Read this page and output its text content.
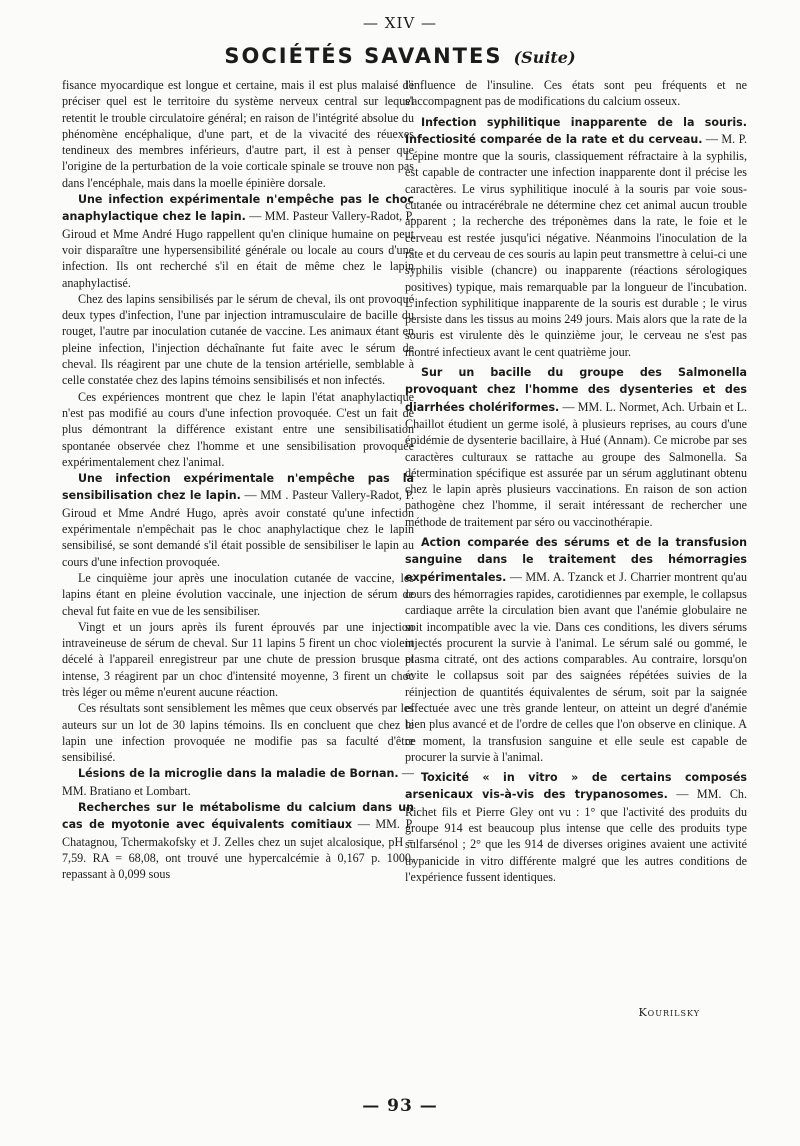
— XIV —
SOCIÉTÉS SAVANTES (Suite)

fisance myocardique est longue et certaine, mais il est plus malaisé de préciser quel est le territoire du système nerveux central sur lequel retentit le trouble circulatoire général; en raison de l'intégrité absolue du phénomène encéphalique, d'une part, et de la vivacité des réuexes tendineux des membres inférieurs, d'autre part, il est à penser que l'origine de la perturbation de la voie corticale spinale se trouve non pas dans l'encéphale, mais dans la moelle épinière dorsale.

Une infection expérimentale n'empêche pas le choc anaphylactique chez le lapin. — MM. Pasteur Vallery-Radot, P. Giroud et Mme André Hugo rappellent qu'en clinique humaine on peut voir disparaître une hypersensibilité générale ou locale au cours d'une infection. Ils ont recherché s'il en était de même chez le lapin anaphylactisé.

Chez des lapins sensibilisés par le sérum de cheval, ils ont provoqué deux types d'infection, l'une par injection intramusculaire de bacille du rouget, l'autre par inoculation cutanée de vaccine. Les animaux étant en pleine infection, l'injection déchaînante fut faite avec le sérum de cheval. Ils réagirent par une chute de la tension artérielle, semblable à celle constatée chez des lapins témoins sensibilisés et non infectés.

Ces expériences montrent que chez le lapin l'état anaphylactique n'est pas modifié au cours d'une infection provoquée. C'est un fait de plus démontrant la différence existant entre une sensibilisation spontanée observée chez l'homme et une sensibilisation provoquée expérimentalement chez l'animal.

Une infection expérimentale n'empêche pas la sensibilisation chez le lapin. — MM . Pasteur Vallery-Radot, P. Giroud et Mme André Hugo, après avoir constaté qu'une infection expérimentale n'empêchait pas le choc anaphylactique chez le lapin sensibilisé, se sont demandé s'il était possible de sensibiliser le lapin au cours d'une infection provoquée.

Le cinquième jour après une inoculation cutanée de vaccine, les lapins étant en pleine évolution vaccinale, une injection de sérum de cheval fut faite en vue de les sensibiliser.

Vingt et un jours après ils furent éprouvés par une injection intraveineuse de sérum de cheval. Sur 11 lapins 5 firent un choc violent décelé à l'appareil enregistreur par une chute de pression brusque et intense, 3 réagirent par un choc d'intensité moyenne, 3 firent un choc très léger ou même n'eurent aucune réaction.

Ces résultats sont sensiblement les mêmes que ceux observés par les auteurs sur un lot de 30 lapins témoins. Ils en concluent que chez le lapin une infection provoquée ne modifie pas sa faculté d'être sensibilisé.

Lésions de la microglie dans la maladie de Bornan. — MM. Bratiano et Lombart.

Recherches sur le métabolisme du calcium dans un cas de myotonie avec équivalents comitiaux — MM. P. Chatagnou, Tchermakofsky et J. Zelles chez un sujet alcalosique, pH = 7,59. RA = 68,08, ont trouvé une hypercalcémie à 0,167 p. 1000, repassant à 0,099 sous

l'influence de l'insuline. Ces états sont peu fréquents et ne s'accompagnent pas de modifications du calcium osseux.

Infection syphilitique inapparente de la souris. Infectiosité comparée de la rate et du cerveau. — M. P. Lépine montre que la souris, classiquement réfractaire à la syphilis, est capable de contracter une infection inapparente dont il précise les caractères. Le virus syphilitique inoculé à la souris par voie sous-cutanée ou intracérébrale ne détermine chez cet animal aucun trouble apparent ; la recherche des tréponèmes dans la rate, le foie et le cerveau est restée jusqu'ici négative. Néanmoins l'inoculation de la rate et du cerveau de ces souris au lapin peut transmettre à celui-ci une syphilis visible (chancre) ou inapparente (réactions sérologiques positives) typique, mais remarquable par la longueur de l'incubation. L'infection syphilitique inapparente de la souris est durable ; le virus persiste dans les tissus au moins 249 jours. Mais alors que la rate de la souris est virulente dès le quinzième jour, le cerveau ne s'est pas montré infectieux avant le cent quatrième jour.

Sur un bacille du groupe des Salmonella provoquant chez l'homme des dysenteries et des diarrhées cholériformes. — MM. L. Normet, Ach. Urbain et L. Chaillot étudient un germe isolé, à plusieurs reprises, au cours d'une épidémie de dysenterie bacillaire, à Hué (Annam). Ce microbe par ses caractères culturaux se rattache au groupe des Salmonella. Sa détermination spécifique est assurée par un sérum agglutinant obtenu chez le lapin après plusieurs vaccinations. En raison de son action pathogène chez l'homme, il serait intéressant de rechercher une méthode de traitement par séro ou vaccinothérapie.

Action comparée des sérums et de la transfusion sanguine dans le traitement des hémorragies expérimentales. — MM. A. Tzanck et J. Charrier montrent qu'au cours des hémorragies rapides, carotidiennes par exemple, le collapsus cardiaque arrête la circulation bien avant que l'anémie globulaire ne soit incompatible avec la vie. Dans ces conditions, les divers sérums injectés procurent la survie à l'animal. Le sérum salé ou gommé, le plasma citraté, ont des actions comparables. Au contraire, lorsqu'on évite le collapsus soit par des saignées répétées suivies de la réinjection de quantités équivalentes de sérum, soit par la saignée effectuée avec une très grande lenteur, on atteint un degré d'anémie bien plus avancé et de l'ordre de celles que l'on observe en clinique. A ce moment, la transfusion sanguine et elle seule est capable de procurer la survie à l'animal.

Toxicité « in vitro » de certains composés arsenicaux vis-à-vis des trypanosomes. — MM. Ch. Richet fils et Pierre Gley ont vu : 1° que l'activité des produits du groupe 914 est beaucoup plus intense que celle des produits type sulfarsénol ; 2° que les 914 de diverses origines avaient une activité trypanicide in vitro différente malgré que les autres conditions de l'expérience fussent identiques.

Kourilsky
— 93 —
